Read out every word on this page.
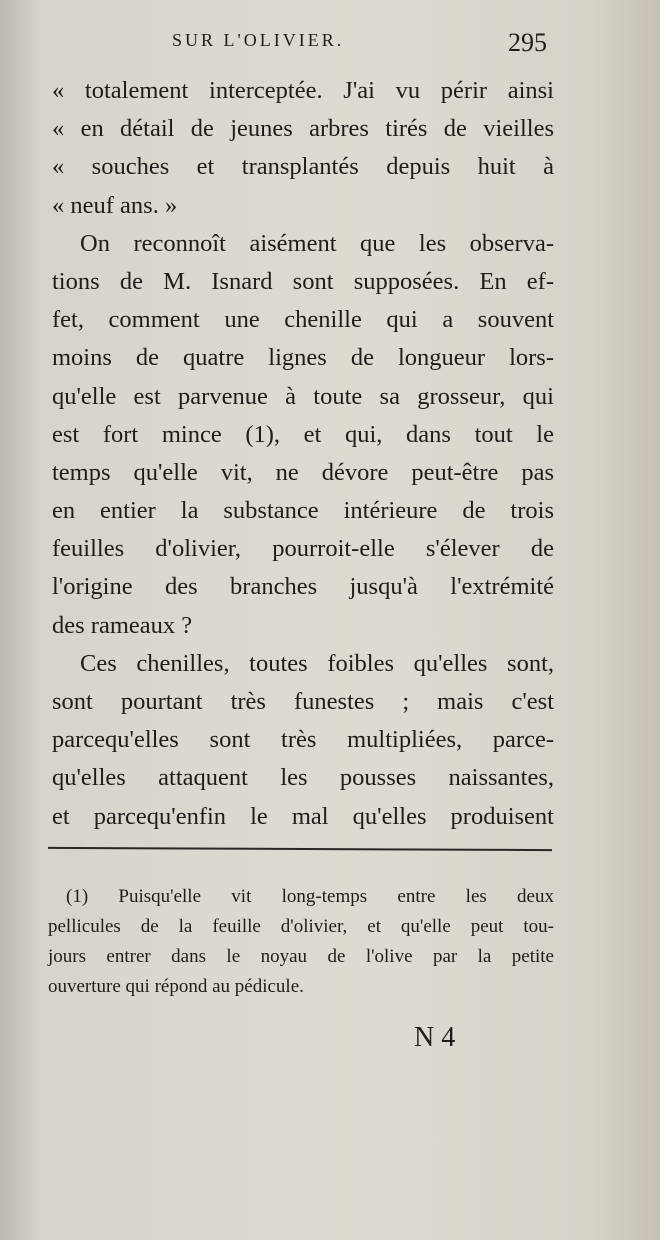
SUR L'OLIVIER.	295
« totalement interceptée. J'ai vu périr ainsi
« en détail de jeunes arbres tirés de vieilles
« souches et transplantés depuis huit à
« neuf ans. »
On reconnoît aisément que les observa-
tions de M. Isnard sont supposées. En ef-
fet, comment une chenille qui a souvent
moins de quatre lignes de longueur lors-
qu'elle est parvenue à toute sa grosseur, qui
est fort mince (1), et qui, dans tout le
temps qu'elle vit, ne dévore peut-être pas
en entier la substance intérieure de trois
feuilles d'olivier, pourroit-elle s'élever de
l'origine des branches jusqu'à l'extrémité
des rameaux ?
Ces chenilles, toutes foibles qu'elles sont,
sont pourtant très funestes ; mais c'est
parcequ'elles sont très multipliées, parce-
qu'elles attaquent les pousses naissantes,
et parcequ'enfin le mal qu'elles produisent
(1) Puisqu'elle vit long-temps entre les deux
pellicules de la feuille d'olivier, et qu'elle peut tou-
jours entrer dans le noyau de l'olive par la petite
ouverture qui répond au pédicule.
N 4
